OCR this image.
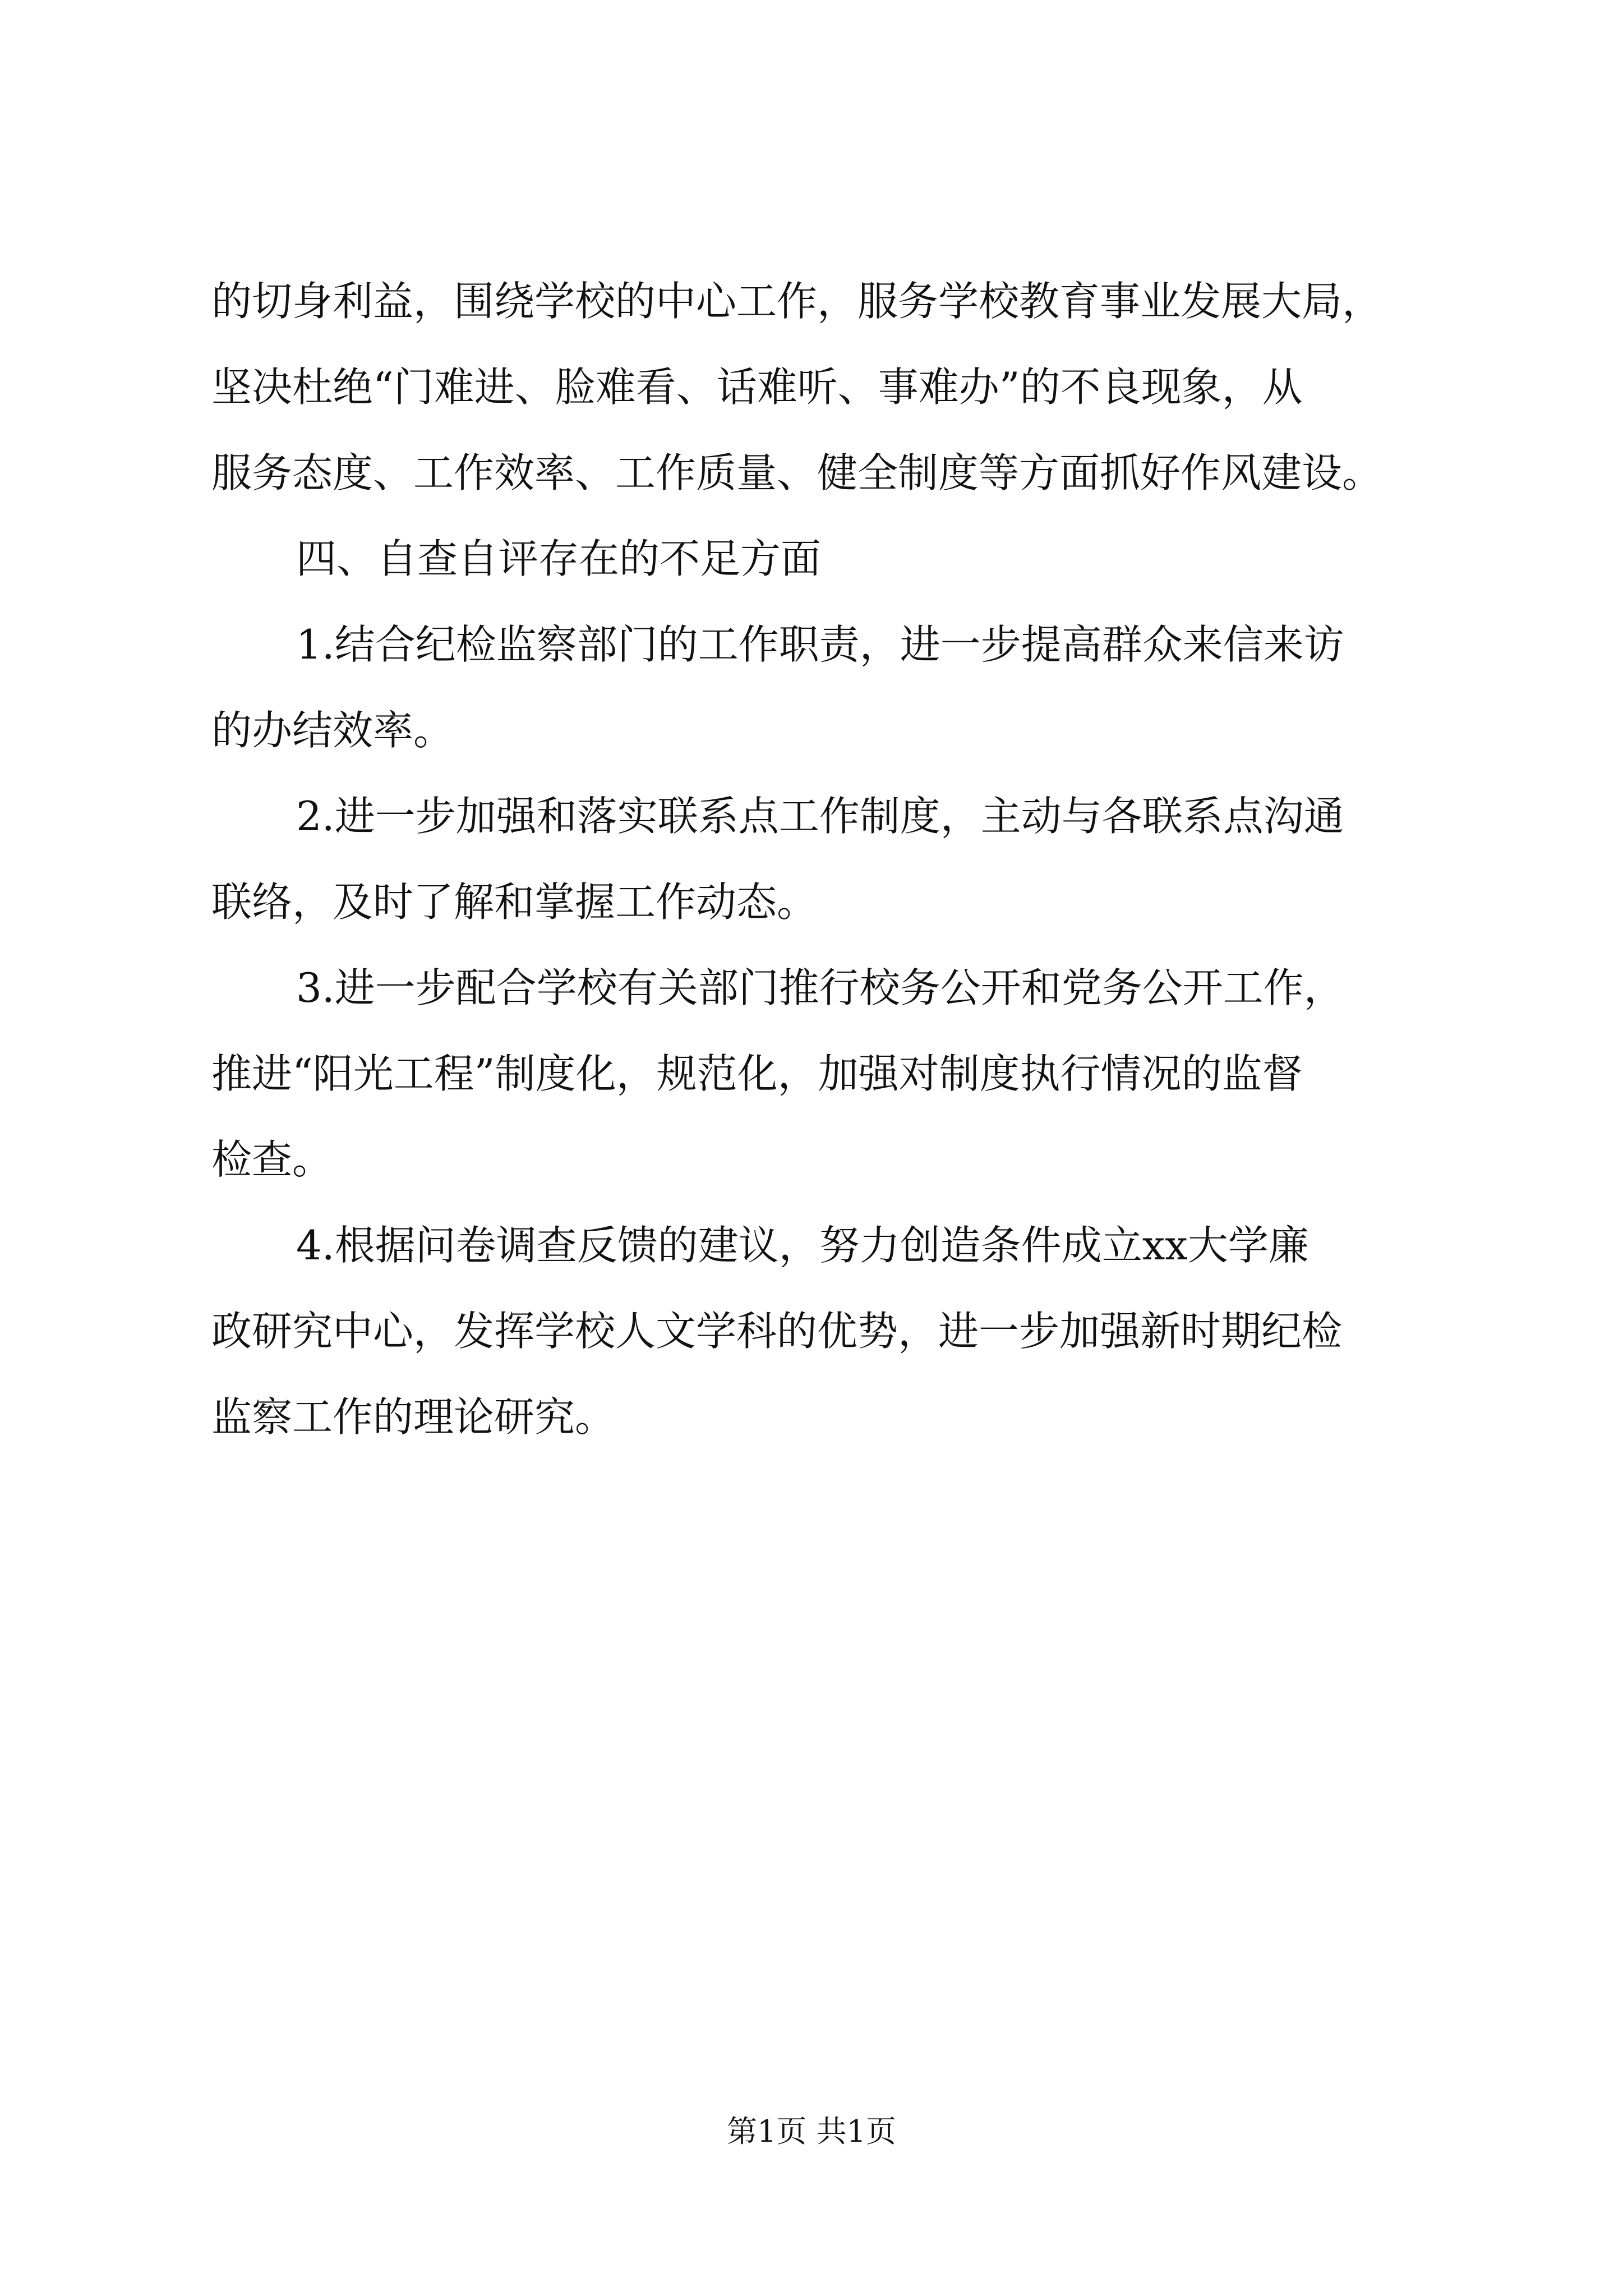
的切身利益，围绕学校的中心工作，服务学校教育事业发展大局，
坚决杜绝“门难进、脸难看、话难听、事难办”的不良现象，从
服务态度、工作效率、工作质量、健全制度等方面抓好作风建设。
四、自查自评存在的不足方面
1.结合纪检监察部门的工作职责，进一步提高群众来信来访
的办结效率。
2.进一步加强和落实联系点工作制度，主动与各联系点沟通
联络，及时了解和掌握工作动态。
3.进一步配合学校有关部门推行校务公开和党务公开工作，
推进“阳光工程”制度化，规范化，加强对制度执行情况的监督
检查。
4.根据问卷调查反馈的建议，努力创造条件成立xx大学廉
政研究中心，发挥学校人文学科的优势，进一步加强新时期纪检
监察工作的理论研究。
第1页 共1页
